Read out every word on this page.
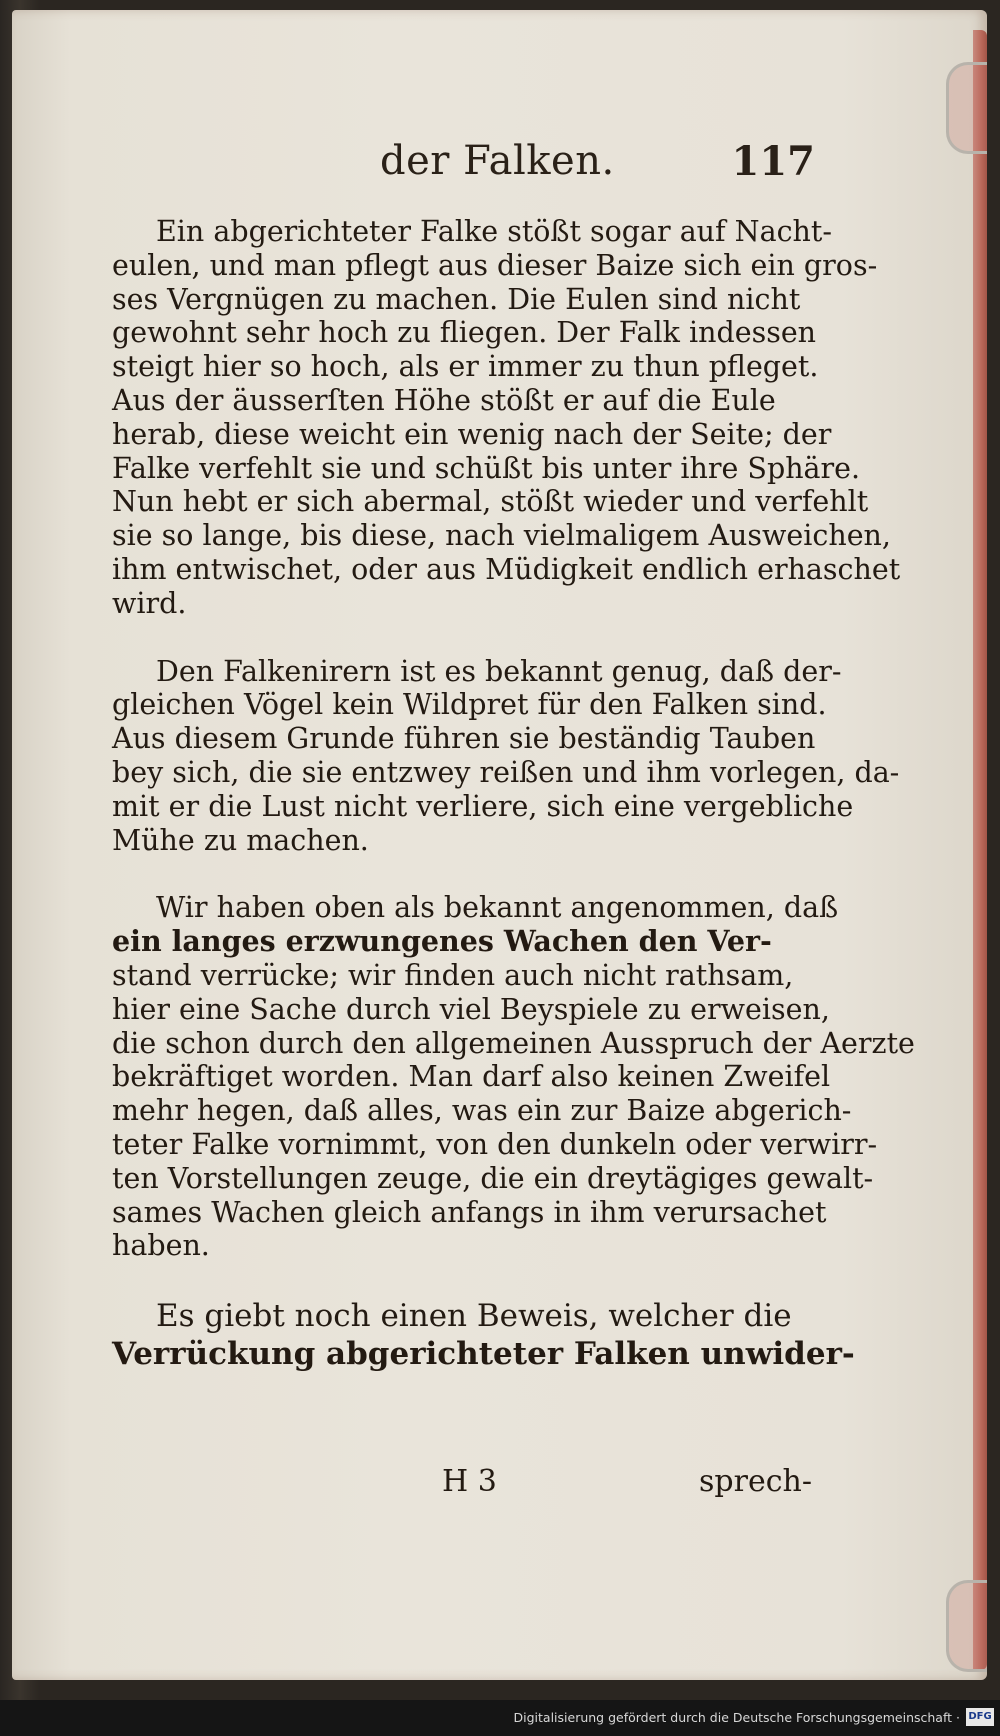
der Falken.	117

Ein abgerichteter Falke stößt sogar auf Nacht-
eulen, und man pflegt aus dieser Baize sich ein gros-
ses Vergnügen zu machen. Die Eulen sind nicht
gewohnt sehr hoch zu fliegen. Der Falk indessen
steigt hier so hoch, als er immer zu thun pfleget.
Aus der äusserſten Höhe stößt er auf die Eule
herab, diese weicht ein wenig nach der Seite; der
Falke verfehlt sie und schüßt bis unter ihre Sphäre.
Nun hebt er sich abermal, stößt wieder und verfehlt
sie so lange, bis diese, nach vielmaligem Ausweichen,
ihm entwischet, oder aus Müdigkeit endlich erhaschet
wird.

Den Falkenirern ist es bekannt genug, daß der-
gleichen Vögel kein Wildpret für den Falken sind.
Aus diesem Grunde führen sie beständig Tauben
bey sich, die sie entzwey reißen und ihm vorlegen, da-
mit er die Lust nicht verliere, sich eine vergebliche
Mühe zu machen.

Wir haben oben als bekannt angenommen, daß
ein langes erzwungenes Wachen den Ver-
stand verrücke; wir finden auch nicht rathsam,
hier eine Sache durch viel Beyspiele zu erweisen,
die schon durch den allgemeinen Ausspruch der Aerzte
bekräftiget worden. Man darf also keinen Zweifel
mehr hegen, daß alles, was ein zur Baize abgerich-
teter Falke vornimmt, von den dunkeln oder verwirr-
ten Vorstellungen zeuge, die ein dreytägiges gewalt-
sames Wachen gleich anfangs in ihm verursachet
haben.

Es giebt noch einen Beweis, welcher die
Verrückung abgerichteter Falken unwider-

H 3	sprech-
Digitalisierung gefördert durch die Deutsche Forschungsgemeinschaft · DFG
